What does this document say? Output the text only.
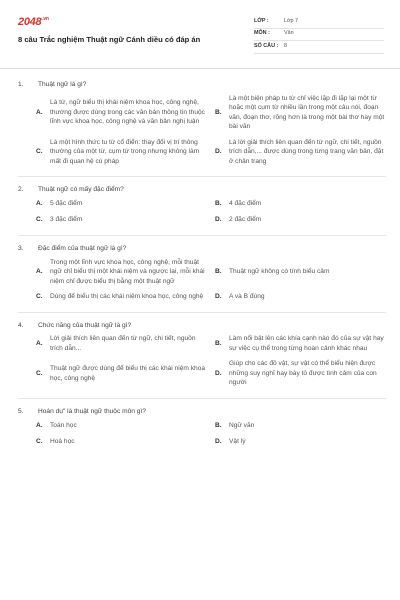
$2048^{.vn}$
8 câu Trắc nghiệm Thuật ngữ Cánh diều có đáp án
LỚP :	Lớp 7
MÔN :	Văn
SỐ CÂU :	8
1.	Thuật ngữ là gì?
A.
Là từ, ngữ biểu thị khái niệm khoa học, công nghệ, thường được dùng trong các văn bản thông tin thuộc lĩnh vực khoa học, công nghệ và văn bản nghị luận
B.
Là một biện pháp tu từ chỉ việc lặp đi lặp lại một từ hoặc một cụm từ nhiều lần trong một câu nói, đoạn văn, đoạn thơ, rõng hơn là trong một bài thơ hay một bài văn
C.
Là một hình thức tu từ cổ điển: thay đổi vị trí thông thường của một từ, cụm từ trong nhưng không làm mất đi quan hệ cú pháp
D.
Là lời giải thích liên quan đến từ ngữ, chi tiết, nguồn trích dẫn,... được dùng trong từng trang văn bản, đặt ở chân trang
2.	Thuật ngữ có mấy đặc điểm?
A.	5 đặc điểm	B.	4 đặc điểm
C.	3 đặc điểm	D.	2 đặc điểm
3.	Đặc điểm của thuật ngữ là gì?
A.
Trong một lĩnh vực khoa học, công nghệ, mỗi thuật ngữ chỉ biểu thị một khái niệm và ngược lại, mỗi khái niệm chỉ được biểu thị bằng một thuật ngữ
B.	Thuật ngữ không có tính biểu cảm
C.	Dùng để biểu thị các khái niệm khoa học, công nghệ D.	A và B đúng
4.	Chức năng của thuật ngữ là gì?
A.
Lời giải thích liên quan đến từ ngữ, chi tiết, nguồn trích dẫn...
B.
Làm nổi bật lên các khía cạnh nào đó của sự vật hay sự việc cụ thể trong từng hoàn cảnh khác nhau
C.
Thuật ngữ được dùng để biểu thị các khái niệm khoa học, công nghệ
D.
Giúp cho các đồ vật, sự vật có thể biểu hiện được những suy nghĩ hay bày tỏ được tình cảm của con người
5.	Hoán dụ" là thuật ngữ thuộc môn gì?
A.	Toán học	B.	Ngữ văn
C.	Hoá học	D.	Vật lý
